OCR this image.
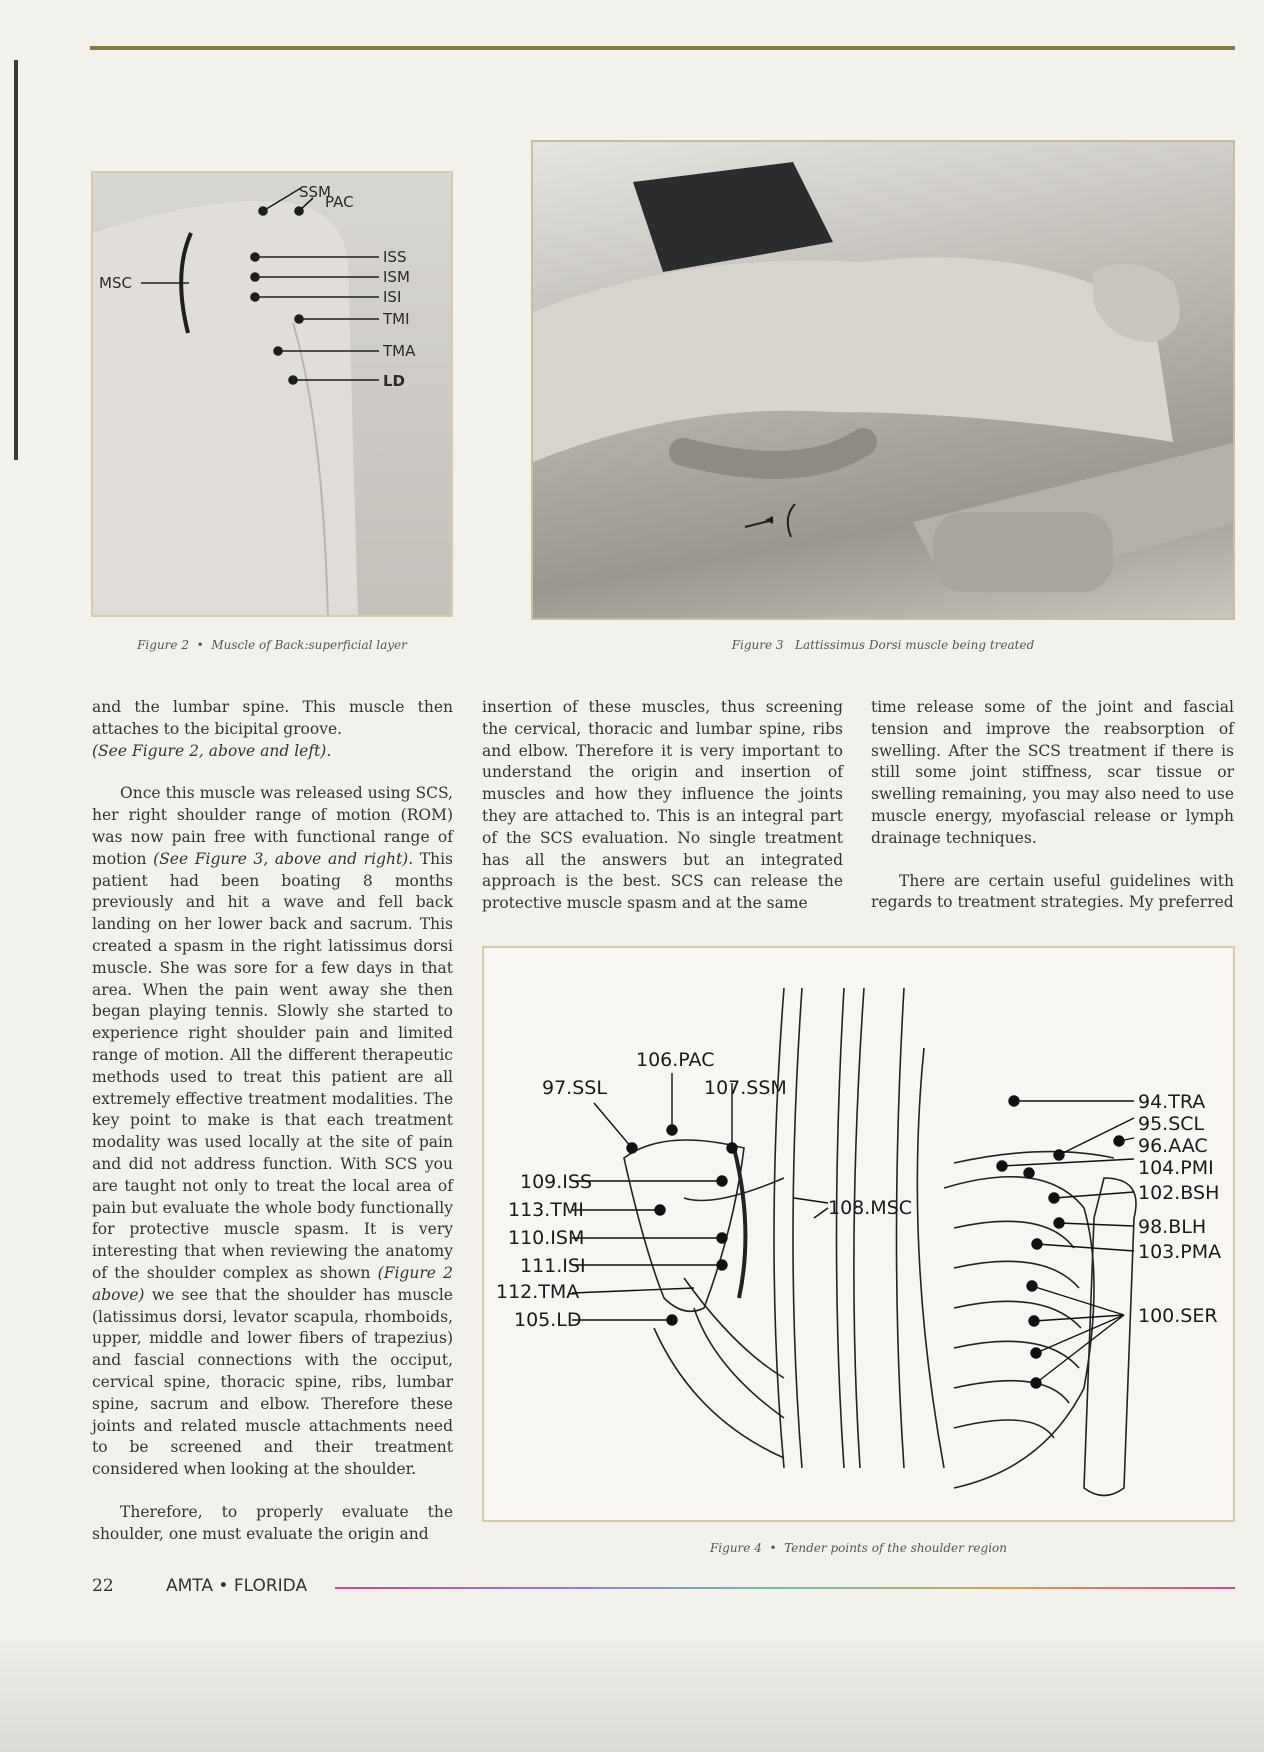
SSM
PAC
ISS
ISM
ISI
TMI
TMA
LD
MSC
Figure 2 • Muscle of Back:superficial layer	Figure 3 Lattissimus Dorsi muscle being treated

and the lumbar spine. This muscle then attaches to the bicipital groove.
(See Figure 2, above and left).

Once this muscle was released using SCS, her right shoulder range of motion (ROM) was now pain free with functional range of motion (See Figure 3, above and right). This patient had been boating 8 months previously and hit a wave and fell back landing on her lower back and sacrum. This created a spasm in the right latissimus dorsi muscle. She was sore for a few days in that area. When the pain went away she then began playing tennis. Slowly she started to experience right shoulder pain and limited range of motion. All the different therapeutic methods used to treat this patient are all extremely effective treatment modalities. The key point to make is that each treatment modality was used locally at the site of pain and did not address function. With SCS you are taught not only to treat the local area of pain but evaluate the whole body functionally for protective muscle spasm. It is very interesting that when reviewing the anatomy of the shoulder complex as shown (Figure 2 above) we see that the shoulder has muscle (latissimus dorsi, levator scapula, rhomboids, upper, middle and lower fibers of trapezius) and fascial connections with the occiput, cervical spine, thoracic spine, ribs, lumbar spine, sacrum and elbow. Therefore these joints and related muscle attachments need to be screened and their treatment considered when looking at the shoulder.

Therefore, to properly evaluate the shoulder, one must evaluate the origin and

insertion of these muscles, thus screening the cervical, thoracic and lumbar spine, ribs and elbow. Therefore it is very important to understand the origin and insertion of muscles and how they influence the joints they are attached to. This is an integral part of the SCS evaluation. No single treatment has all the answers but an integrated approach is the best. SCS can release the protective muscle spasm and at the same

time release some of the joint and fascial tension and improve the reabsorption of swelling. After the SCS treatment if there is still some joint stiffness, scar tissue or swelling remaining, you may also need to use muscle energy, myofascial release or lymph drainage techniques.

There are certain useful guidelines with regards to treatment strategies. My preferred

97.SSL
106.PAC
107.SSM
109.ISS
113.TMI
110.ISM
111.ISI
112.TMA
105.LD
108.MSC
94.TRA
95.SCL
96.AAC
104.PMI
102.BSH
98.BLH
103.PMA
100.SER
Figure 4 • Tender points of the shoulder region
22	AMTA • FLORIDA
